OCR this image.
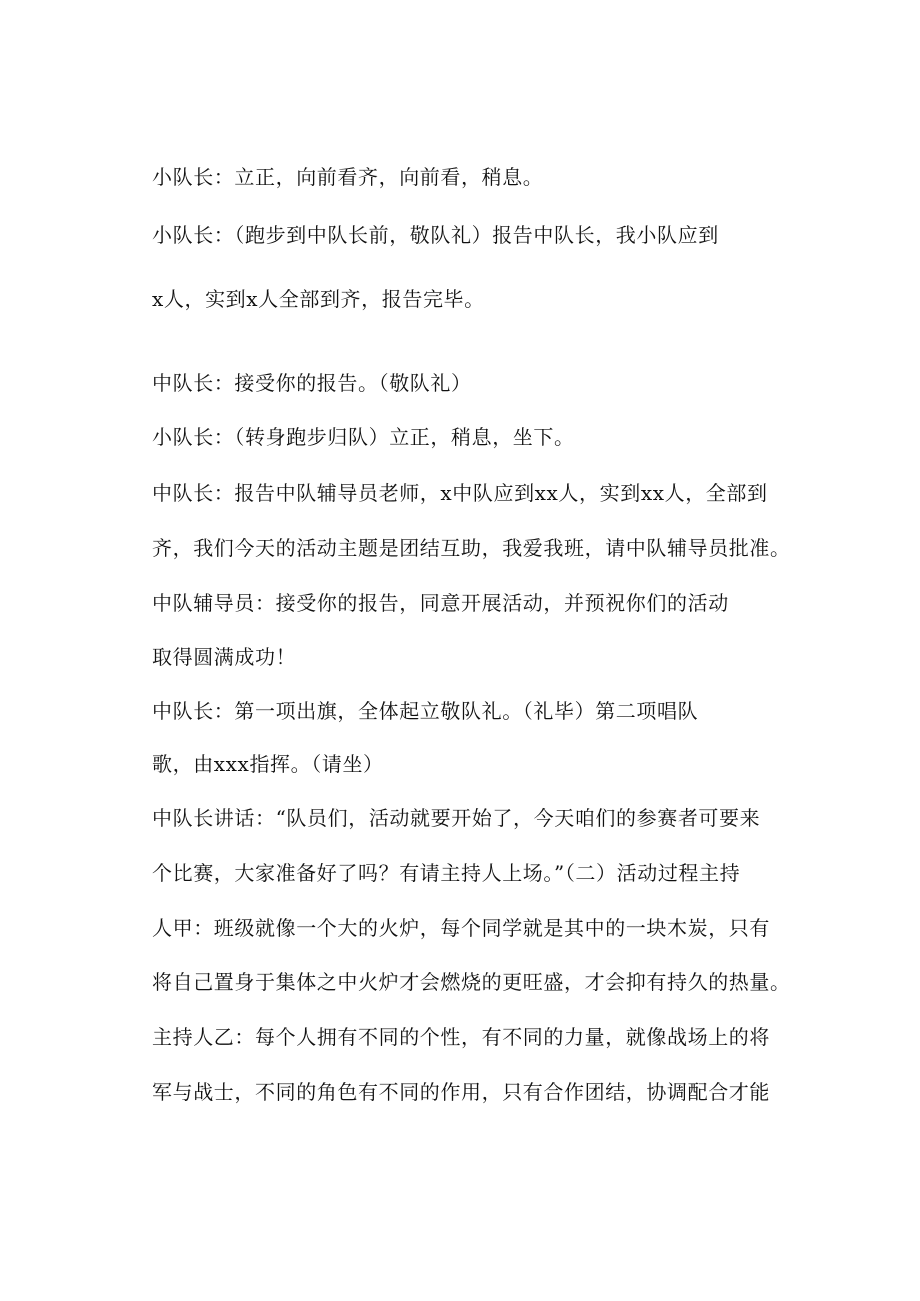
小队长：立正，向前看齐，向前看，稍息。
小队长：（跑步到中队长前，敬队礼）报告中队长，我小队应到
x人，实到x人全部到齐，报告完毕。
中队长：接受你的报告。（敬队礼）
小队长：（转身跑步归队）立正，稍息，坐下。
中队长：报告中队辅导员老师，x中队应到xx人，实到xx人，全部到
齐，我们今天的活动主题是团结互助，我爱我班，请中队辅导员批准。
中队辅导员：接受你的报告，同意开展活动，并预祝你们的活动
取得圆满成功！
中队长：第一项出旗，全体起立敬队礼。（礼毕）第二项唱队
歌，由xxx指挥。（请坐）
中队长讲话：“队员们，活动就要开始了，今天咱们的参赛者可要来
个比赛，大家准备好了吗？有请主持人上场。”（二）活动过程主持
人甲：班级就像一个大的火炉，每个同学就是其中的一块木炭，只有
将自己置身于集体之中火炉才会燃烧的更旺盛，才会抑有持久的热量。
主持人乙：每个人拥有不同的个性，有不同的力量，就像战场上的将
军与战士，不同的角色有不同的作用，只有合作团结，协调配合才能
